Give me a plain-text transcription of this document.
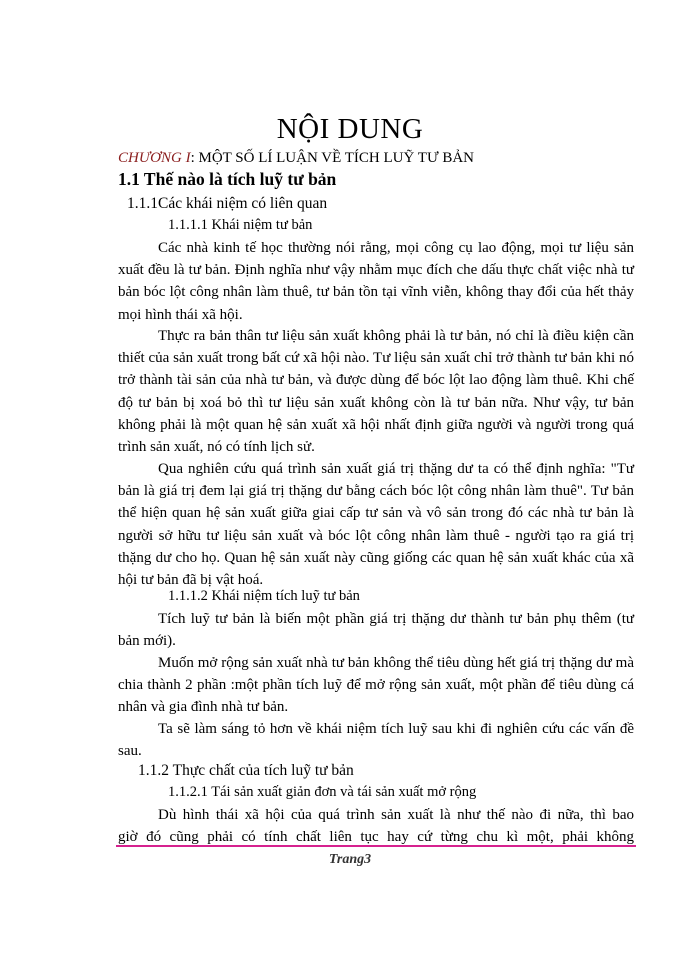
NỘI DUNG
CHƯƠNG I: MỘT SỐ LÍ LUẬN VỀ TÍCH LUỸ TƯ BẢN
1.1 Thế nào là tích luỹ tư bản
1.1.1Các khái niệm có liên quan
1.1.1.1 Khái niệm tư bản

Các nhà kinh tế học thường nói rằng, mọi công cụ lao động, mọi tư liệu sản xuất đều là tư bản. Định nghĩa như vậy nhằm mục đích che dấu thực chất việc nhà tư bản bóc lột công nhân làm thuê, tư bản tồn tại vĩnh viễn, không thay đổi của hết thảy mọi hình thái xã hội.

Thực ra bản thân tư liệu sản xuất không phải là tư bản, nó chỉ là điều kiện cần thiết của sản xuất trong bất cứ xã hội nào. Tư liệu sản xuất chỉ trở thành tư bản khi nó trở thành tài sản của nhà tư bản, và được dùng để bóc lột lao động làm thuê. Khi chế độ tư bản bị xoá bỏ thì tư liệu sản xuất không còn là tư bản nữa. Như vậy, tư bản không phải là một quan hệ sản xuất xã hội nhất định giữa người và người trong quá trình sản xuất, nó có tính lịch sử.

Qua nghiên cứu quá trình sản xuất giá trị thặng dư ta có thể định nghĩa: "Tư bản là giá trị đem lại giá trị thặng dư bằng cách bóc lột công nhân làm thuê". Tư bản thể hiện quan hệ sản xuất giữa giai cấp tư sản và vô sản trong đó các nhà tư bản là người sở hữu tư liệu sản xuất và bóc lột công nhân làm thuê - người tạo ra giá trị thặng dư cho họ. Quan hệ sản xuất này cũng giống các quan hệ sản xuất khác của xã hội tư bản đã bị vật hoá.

1.1.1.2 Khái niệm tích luỹ tư bản

Tích luỹ tư bản là biến một phần giá trị thặng dư thành tư bản phụ thêm (tư bản mới).

Muốn mở rộng sản xuất nhà tư bản không thể tiêu dùng hết giá trị thặng dư mà chia thành 2 phần :một phần tích luỹ để mở rộng sản xuất, một phần để tiêu dùng cá nhân và gia đình nhà tư bản.

Ta sẽ làm sáng tỏ hơn về khái niệm tích luỹ sau khi đi nghiên cứu các vấn đề sau.

1.1.2 Thực chất của tích luỹ tư bản
1.1.2.1 Tái sản xuất giản đơn và tái sản xuất mở rộng

Dù hình thái xã hội của quá trình sản xuất là như thế nào đi nữa, thì bao

giờ đó cũng phải có tính chất liên tục hay cứ từng chu kì một, phải không

Trang3
